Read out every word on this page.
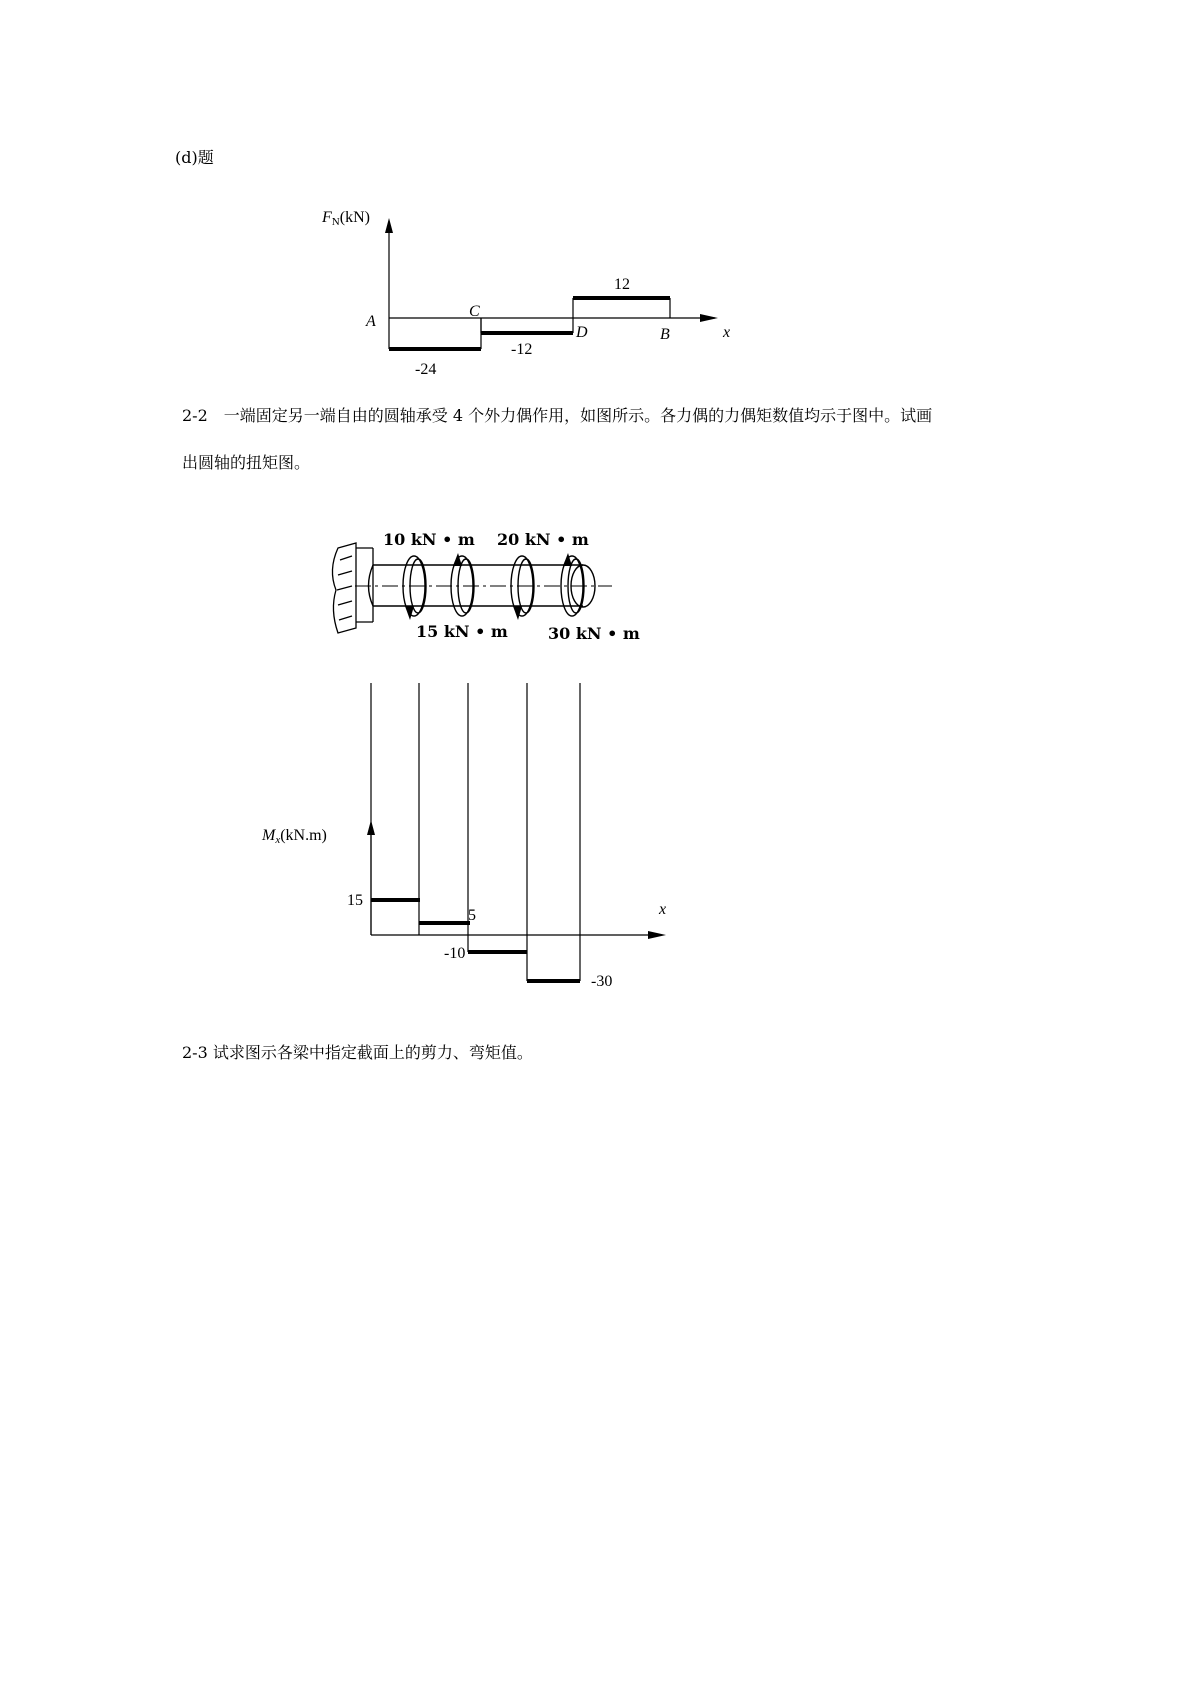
(d)题
FN(kN)
x
A
C
D	B
-24
-12
12
2-2　一端固定另一端自由的圆轴承受 4 个外力偶作用，如图所示。各力偶的力偶矩数值均示于图中。试画
出圆轴的扭矩图。
10 kN • m 20 kN • m
15 kN • m	30 kN • m
Mx(kN.m)
x
15
5
-10
-30
2-3 试求图示各梁中指定截面上的剪力、弯矩值。
